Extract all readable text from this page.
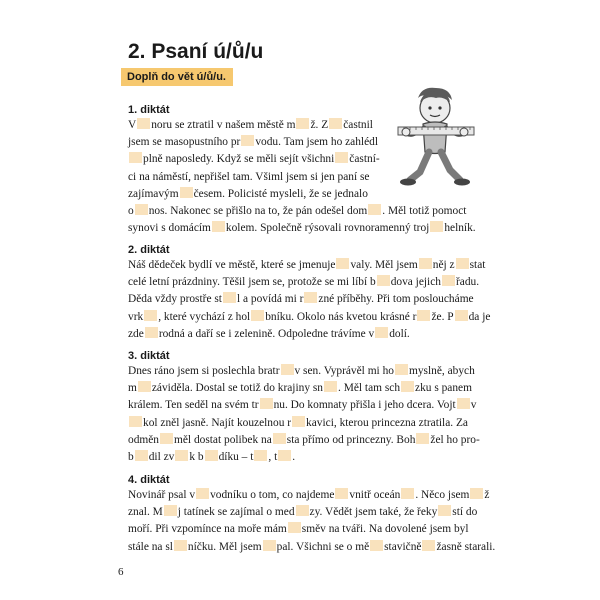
2. Psaní ú/ů/u
Doplň do vět ú/ů/u.
1. diktát
V noru se ztratil v našem městě m ž. Z častnil
jsem se masopustního pr vodu. Tam jsem ho zahlédl
plně naposledy. Když se měli sejít všichni častní-
ci na náměstí, nepřišel tam. Všiml jsem si jen paní se
zajímavým česem. Policisté mysleli, že se jednalo
o nos. Nakonec se přišlo na to, že pán odešel dom . Měl totiž pomoct
synovi s domácím kolem. Společně rýsovali rovnoramenný troj helník.
2. diktát
Náš dědeček bydlí ve městě, které se jmenuje valy. Měl jsem něj z stat
celé letní prázdniny. Těšil jsem se, protože se mi líbí b dova jejich řadu.
Děda vždy prostře st l a povídá mi r zné příběhy. Při tom posloucháme
vrk , které vychází z hol bníku. Okolo nás kvetou krásné r že. P da je
zde rodná a daří se i zelenině. Odpoledne trávíme v dolí.
3. diktát
Dnes ráno jsem si poslechla bratr v sen. Vyprávěl mi ho myslně, abych
m závidělа. Dostal se totiž do krajiny sn . Měl tam sch zku s panem
králem. Ten seděl na svém tr nu. Do komnaty přišla i jeho dcera. Vojt v
kol zněl jasně. Najít kouzelnou r kavici, kterou princezna ztratila. Za
odměn měl dostat polibek na sta přímo od princezny. Boh žel ho pro-
b dil zv k b díku – t , t .
4. diktát
Novinář psal v vodníku o tom, co najdeme vnitř oceán . Něco jsem ž
znal. M j tatínek se zajímal o med zy. Vědět jsem také, že řeky stí do
moří. Při vzpomínce na moře mám směv na tváři. Na dovolené jsem byl
stále na sl níčku. Měl jsem pal. Všichni se o mě stavičně žasně starali.
6
